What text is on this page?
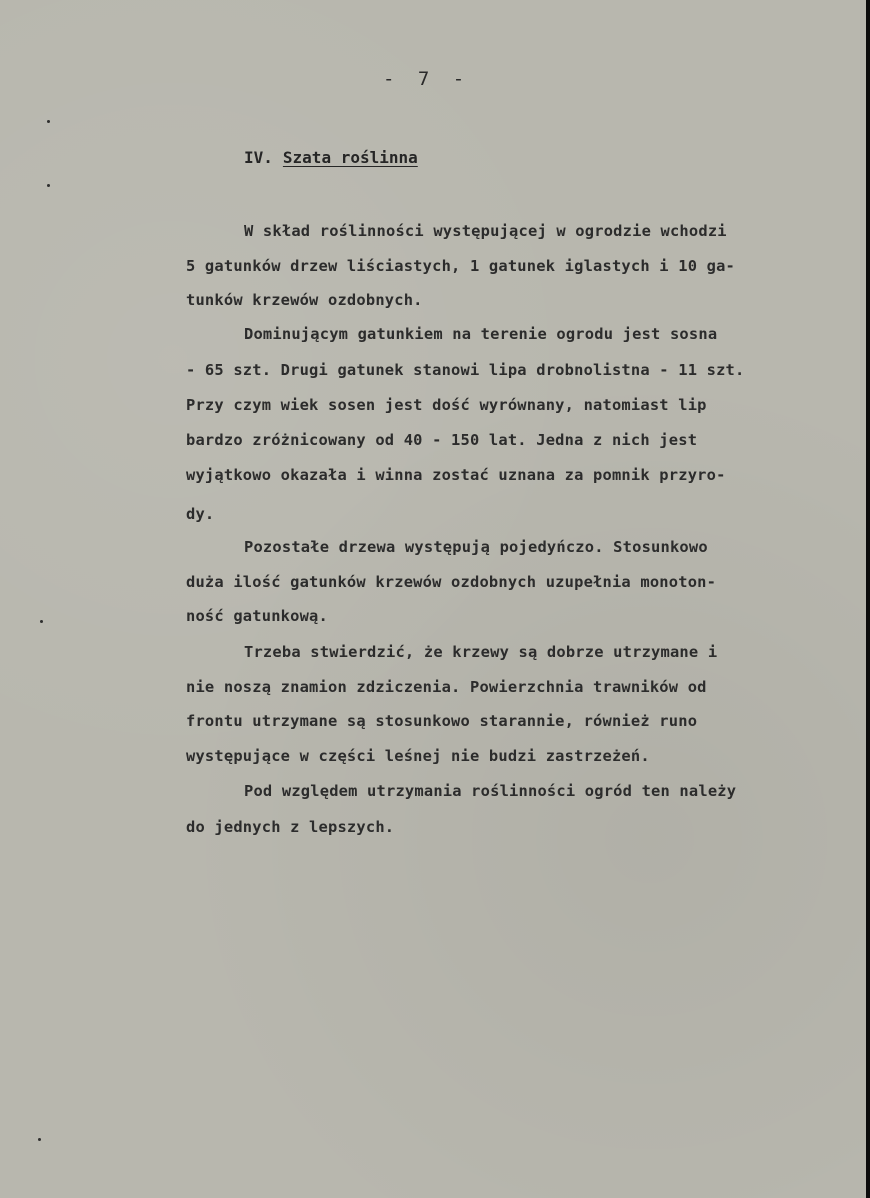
- 7 -
IV. Szata roślinna
W skład roślinności występującej w ogrodzie wchodzi
5 gatunków drzew liściastych, 1 gatunek iglastych i 10 ga-
tunków krzewów ozdobnych.
Dominującym gatunkiem na terenie ogrodu jest sosna
- 65 szt. Drugi gatunek stanowi lipa drobnolistna - 11 szt.
Przy czym wiek sosen jest dość wyrównany, natomiast lip
bardzo zróżnicowany od 40 - 150 lat. Jedna z nich jest
wyjątkowo okazała i winna zostać uznana za pomnik przyro-
dy.
Pozostałe drzewa występują pojedyńczo. Stosunkowo
duża ilość gatunków krzewów ozdobnych uzupełnia monoton-
ność gatunkową.
Trzeba stwierdzić, że krzewy są dobrze utrzymane i
nie noszą znamion zdziczenia. Powierzchnia trawników od
frontu utrzymane są stosunkowo starannie, również runo
występujące w części leśnej nie budzi zastrzeżeń.
Pod względem utrzymania roślinności ogród ten należy
do jednych z lepszych.
